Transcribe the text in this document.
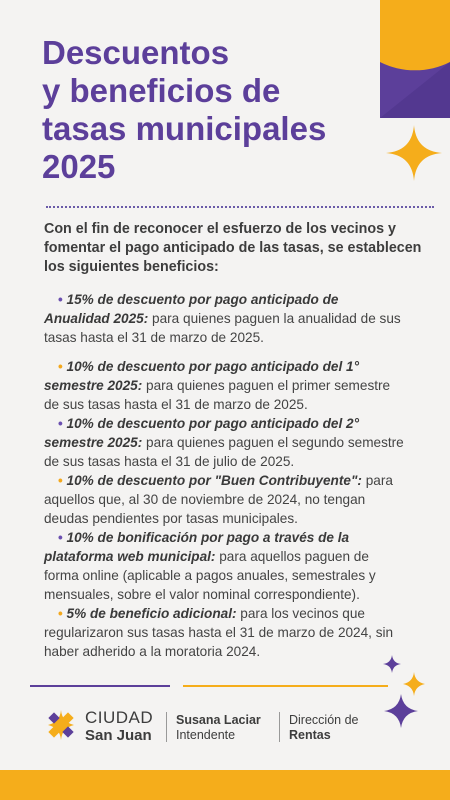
Descuentos
y beneficios de
tasas municipales
2025

Con el fin de reconocer el esfuerzo de los vecinos y fomentar el pago anticipado de las tasas, se establecen los siguientes beneficios:

• 15% de descuento por pago anticipado de Anualidad 2025: para quienes paguen la anualidad de sus tasas hasta el 31 de marzo de 2025.

• 10% de descuento por pago anticipado del 1° semestre 2025: para quienes paguen el primer semestre de sus tasas hasta el 31 de marzo de 2025.

• 10% de descuento por pago anticipado del 2° semestre 2025: para quienes paguen el segundo semestre de sus tasas hasta el 31 de julio de 2025.

• 10% de descuento por "Buen Contribuyente": para aquellos que, al 30 de noviembre de 2024, no tengan deudas pendientes por tasas municipales.

• 10% de bonificación por pago a través de la plataforma web municipal: para aquellos paguen de forma online (aplicable a pagos anuales, semestrales y mensuales, sobre el valor nominal correspondiente).

• 5% de beneficio adicional: para los vecinos que regularizaron sus tasas hasta el 31 de marzo de 2024, sin haber adherido a la moratoria 2024.

CIUDAD
San Juan
Susana Laciar
Intendente
Dirección de
Rentas
